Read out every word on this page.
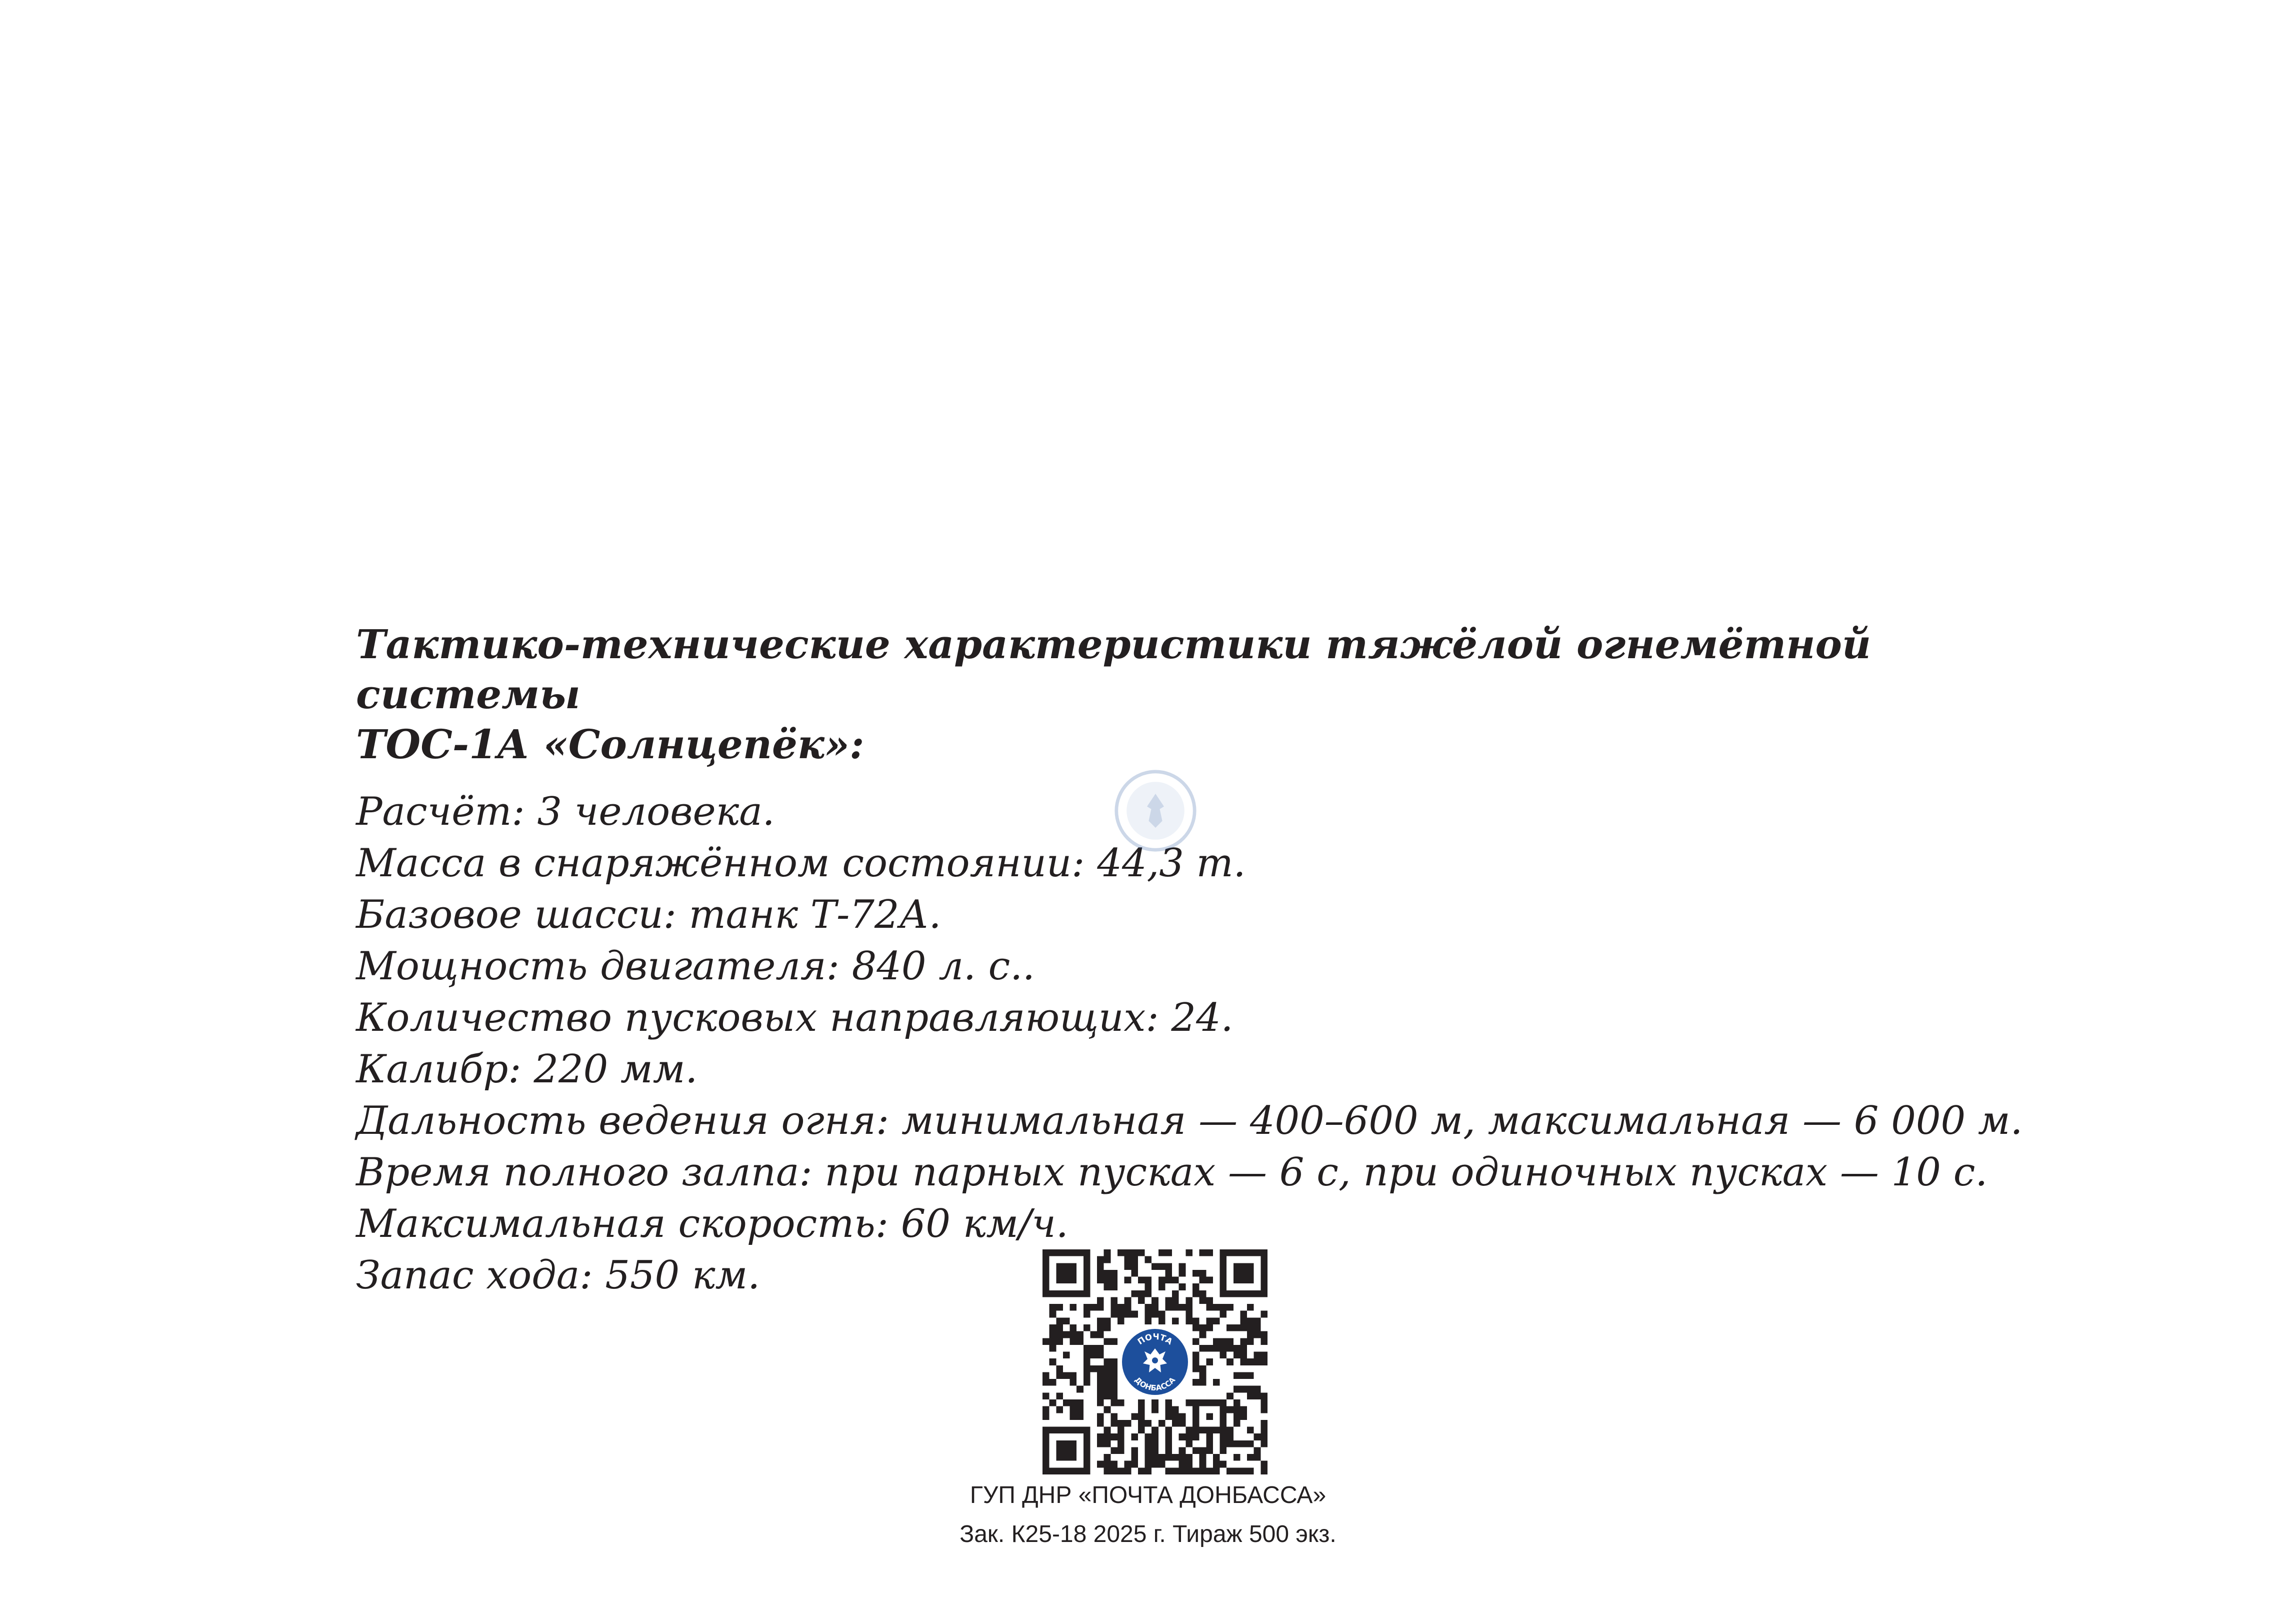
Тактико-технические характеристики тяжёлой огнемётной системы
ТОС-1А «Солнцепёк»:
Расчёт: 3 человека.
Масса в снаряжённом состоянии: 44,3 т.
Базовое шасси: танк Т-72А.
Мощность двигателя: 840 л. с..
Количество пусковых направляющих: 24.
Калибр: 220 мм.
Дальность ведения огня: минимальная — 400–600 м, максимальная — 6 000 м.
Время полного залпа: при парных пусках — 6 с, при одиночных пусках — 10 с.
Максимальная скорость: 60 км/ч.
Запас хода: 550 км.
ПОЧТА
ДОНБАССА
ГУП ДНР «ПОЧТА ДОНБАССА»
Зак. К25-18 2025 г. Тираж 500 экз.
